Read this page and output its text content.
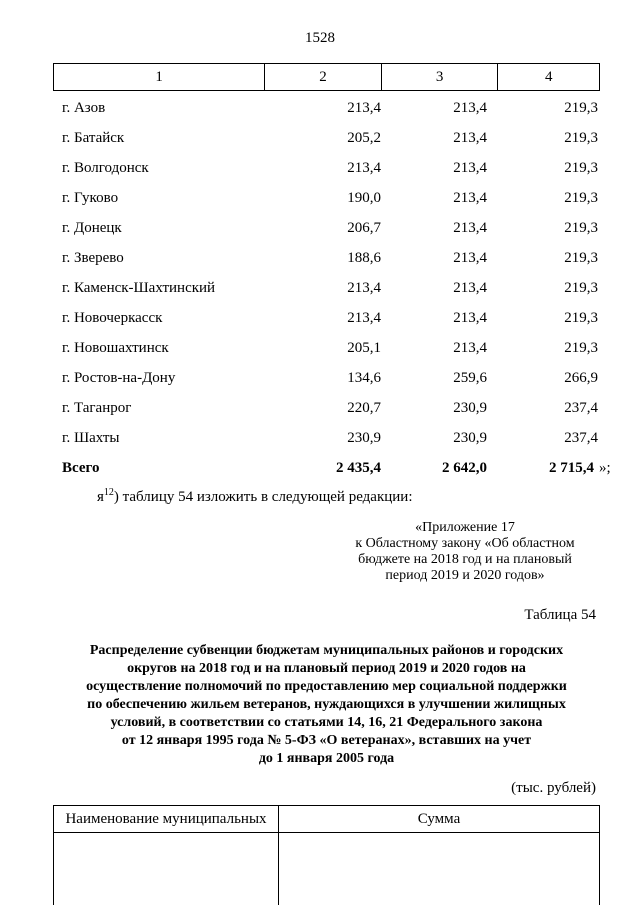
1528
1	2	3	4
г. Азов	213,4	213,4	219,3
г. Батайск	205,2	213,4	219,3
г. Волгодонск	213,4	213,4	219,3
г. Гуково	190,0	213,4	219,3
г. Донецк	206,7	213,4	219,3
г. Зверево	188,6	213,4	219,3
г. Каменск-Шахтинский	213,4	213,4	219,3
г. Новочеркасск	213,4	213,4	219,3
г. Новошахтинск	205,1	213,4	219,3
г. Ростов-на-Дону	134,6	259,6	266,9
г. Таганрог	220,7	230,9	237,4
г. Шахты	230,9	230,9	237,4
Всего	2 435,4	2 642,0	2 715,4 »;
$я^{12}$) таблицу 54 изложить в следующей редакции:
«Приложение 17
к Областному закону «Об областном
бюджете на 2018 год и на плановый
период 2019 и 2020 годов»
Таблица 54
Распределение субвенции бюджетам муниципальных районов и городских
округов на 2018 год и на плановый период 2019 и 2020 годов на
осуществление полномочий по предоставлению мер социальной поддержки
по обеспечению жильем ветеранов, нуждающихся в улучшении жилищных
условий, в соответствии со статьями 14, 16, 21 Федерального закона
от 12 января 1995 года № 5-ФЗ «О ветеранах», вставших на учет
до 1 января 2005 года
(тыс. рублей)
Наименование муниципальных	Сумма
